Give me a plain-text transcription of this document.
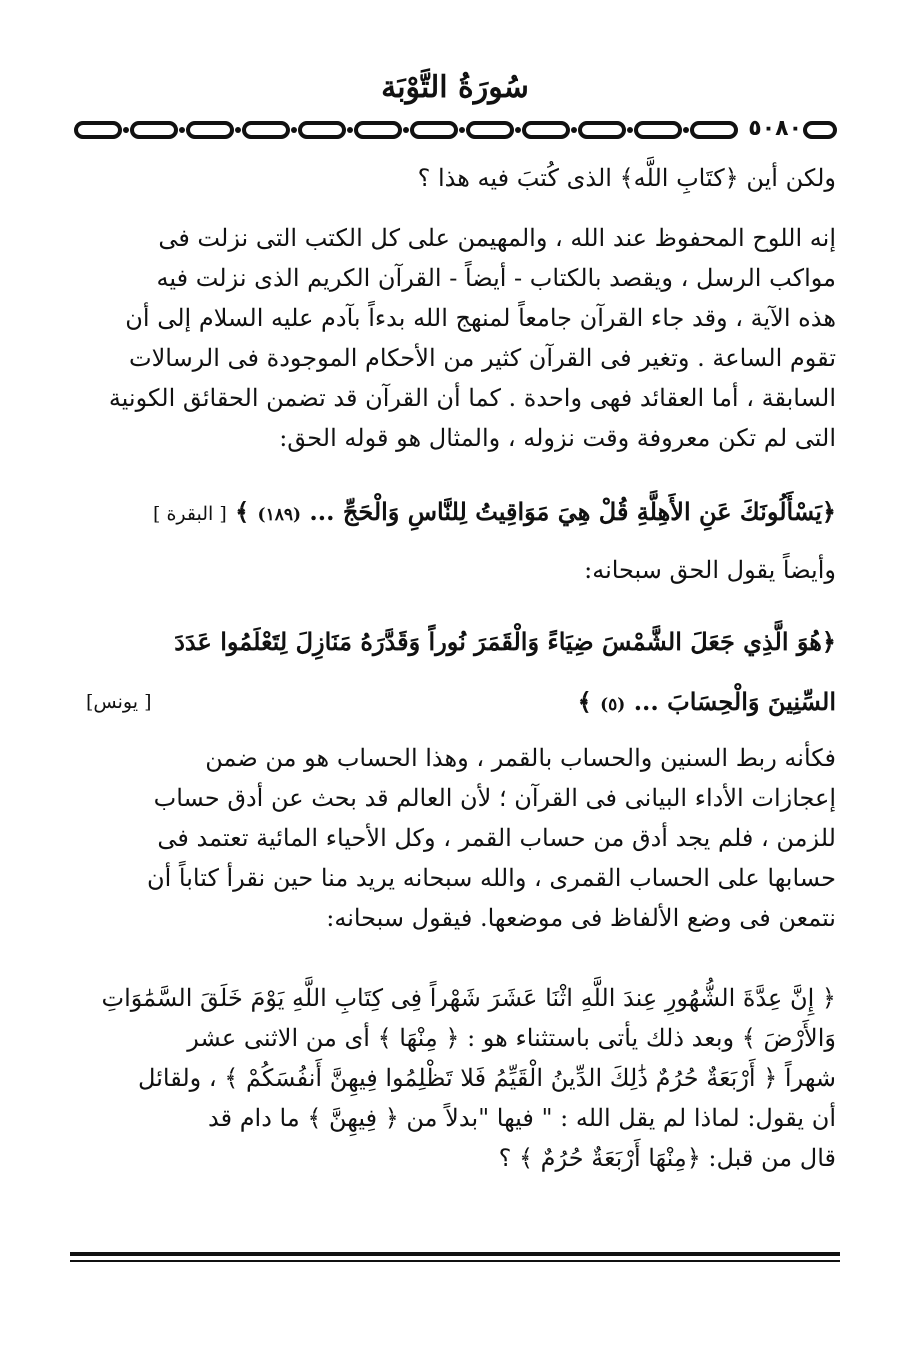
سُورَةُ التَّوْبَة
٥٠٨٠

ولكن أين ﴿كتَابِ اللَّه﴾ الذى كُتبَ فيه هذا ؟

إنه اللوح المحفوظ عند الله ، والمهيمن على كل الكتب التى نزلت فى
مواكب الرسل ، ويقصد بالكتاب - أيضاً - القرآن الكريم الذى نزلت فيه
هذه الآية ، وقد جاء القرآن جامعاً لمنهج الله بدءاً بآدم عليه السلام إلى أن
تقوم الساعة . وتغير فى القرآن كثير من الأحكام الموجودة فى الرسالات
السابقة ، أما العقائد فهى واحدة . كما أن القرآن قد تضمن الحقائق الكونية
التى لم تكن معروفة وقت نزوله ، والمثال هو قوله الحق:

﴿يَسْأَلُونَكَ عَنِ الأَهِلَّةِ قُلْ هِيَ مَوَاقِيتُ لِلنَّاسِ وَالْحَجِّ ... (١٨٩) ﴾ [ البقرة ]

وأيضاً يقول الحق سبحانه:

﴿هُوَ الَّذِي جَعَلَ الشَّمْسَ ضِيَاءً وَالْقَمَرَ نُوراً وَقَدَّرَهُ مَنَازِلَ لِتَعْلَمُوا عَدَدَ
السِّنِينَ وَالْحِسَابَ ... (٥) ﴾
[ يونس]
فكأنه ربط السنين والحساب بالقمر ، وهذا الحساب هو من ضمن
إعجازات الأداء البيانى فى القرآن ؛ لأن العالم قد بحث عن أدق حساب
للزمن ، فلم يجد أدق من حساب القمر ، وكل الأحياء المائية تعتمد فى
حسابها على الحساب القمرى ، والله سبحانه يريد منا حين نقرأ كتاباً أن
نتمعن فى وضع الألفاظ فى موضعها. فيقول سبحانه:
﴿ إِنَّ عِدَّةَ الشُّهُورِ عِندَ اللَّهِ اثْنَا عَشَرَ شَهْراً فِى كِتَابِ اللَّهِ يَوْمَ خَلَقَ السَّمَٰوَاتِ
وَالأَرْضَ ﴾ وبعد ذلك يأتى باستثناء هو : ﴿ مِنْهَا ﴾ أى من الاثنى عشر
شهراً ﴿ أَرْبَعَةٌ حُرُمٌ ذَٰلِكَ الدِّينُ الْقَيِّمُ فَلا تَظْلِمُوا فِيهِنَّ أَنفُسَكُمْ ﴾ ، ولقائل
أن يقول: لماذا لم يقل الله : " فيها "بدلاً من ﴿ فِيهِنَّ ﴾ ما دام قد
قال من قبل: ﴿مِنْهَا أَرْبَعَةٌ حُرُمٌ ﴾ ؟
